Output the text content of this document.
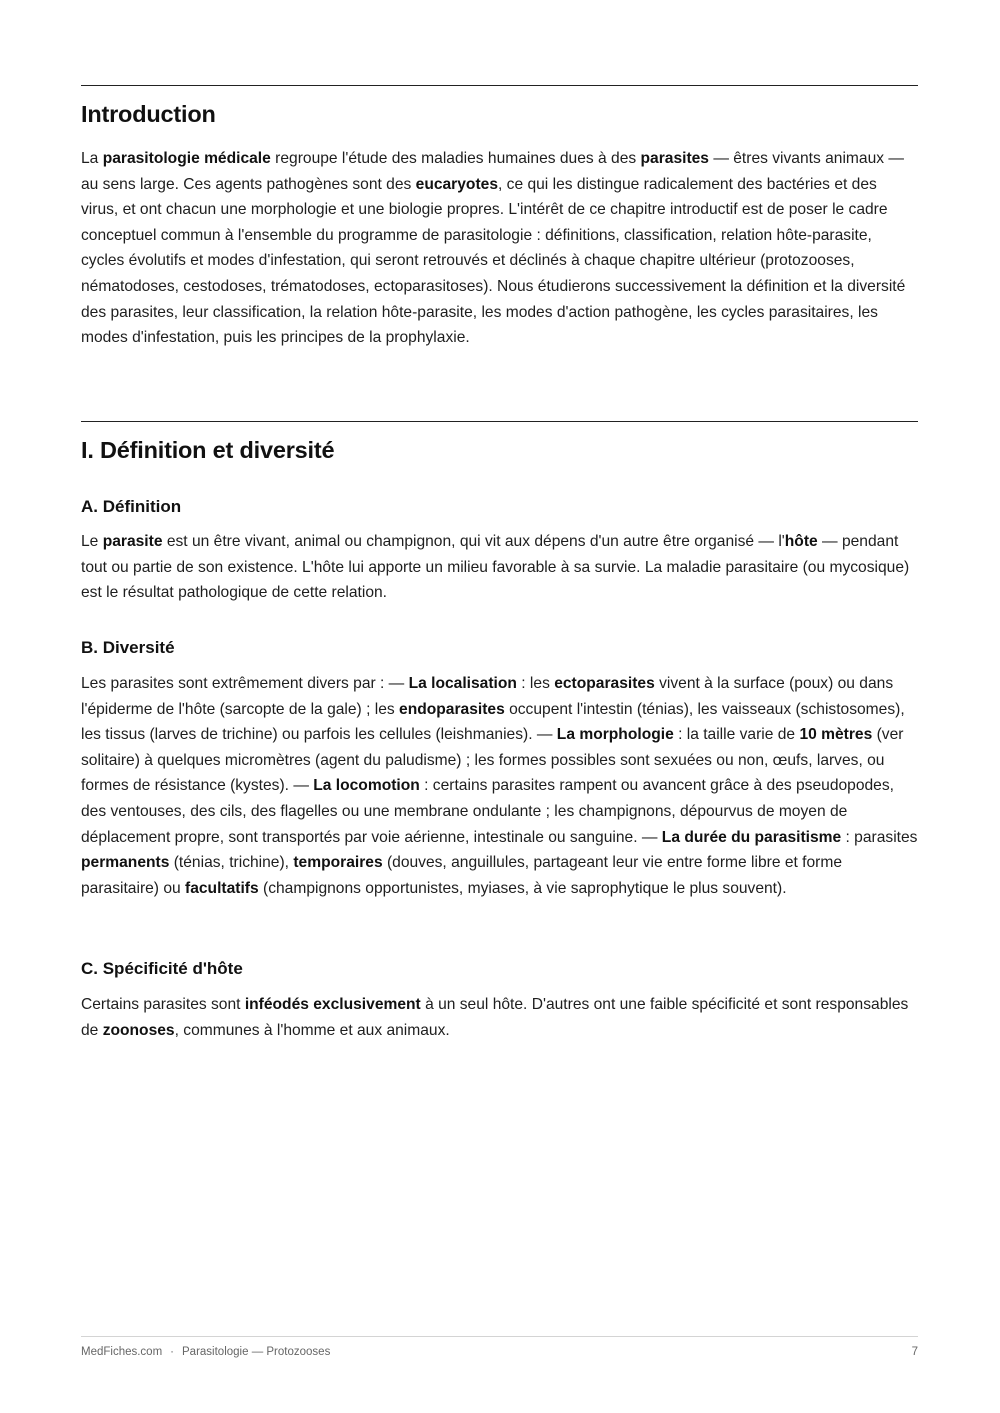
Introduction

La parasitologie médicale regroupe l'étude des maladies humaines dues à des parasites — êtres vivants animaux — au sens large. Ces agents pathogènes sont des eucaryotes, ce qui les distingue radicalement des bactéries et des virus, et ont chacun une morphologie et une biologie propres. L'intérêt de ce chapitre introductif est de poser le cadre conceptuel commun à l'ensemble du programme de parasitologie : définitions, classification, relation hôte-parasite, cycles évolutifs et modes d'infestation, qui seront retrouvés et déclinés à chaque chapitre ultérieur (protozooses, nématodoses, cestodoses, trématodoses, ectoparasitoses). Nous étudierons successivement la définition et la diversité des parasites, leur classification, la relation hôte-parasite, les modes d'action pathogène, les cycles parasitaires, les modes d'infestation, puis les principes de la prophylaxie.

I. Définition et diversité
A. Définition

Le parasite est un être vivant, animal ou champignon, qui vit aux dépens d'un autre être organisé — l'hôte — pendant tout ou partie de son existence. L'hôte lui apporte un milieu favorable à sa survie. La maladie parasitaire (ou mycosique) est le résultat pathologique de cette relation.

B. Diversité

Les parasites sont extrêmement divers par : — La localisation : les ectoparasites vivent à la surface (poux) ou dans l'épiderme de l'hôte (sarcopte de la gale) ; les endoparasites occupent l'intestin (ténias), les vaisseaux (schistosomes), les tissus (larves de trichine) ou parfois les cellules (leishmanies). — La morphologie : la taille varie de 10 mètres (ver solitaire) à quelques micromètres (agent du paludisme) ; les formes possibles sont sexuées ou non, œufs, larves, ou formes de résistance (kystes). — La locomotion : certains parasites rampent ou avancent grâce à des pseudopodes, des ventouses, des cils, des flagelles ou une membrane ondulante ; les champignons, dépourvus de moyen de déplacement propre, sont transportés par voie aérienne, intestinale ou sanguine. — La durée du parasitisme : parasites permanents (ténias, trichine), temporaires (douves, anguillules, partageant leur vie entre forme libre et forme parasitaire) ou facultatifs (champignons opportunistes, myiases, à vie saprophytique le plus souvent).

C. Spécificité d'hôte

Certains parasites sont inféodés exclusivement à un seul hôte. D'autres ont une faible spécificité et sont responsables de zoonoses, communes à l'homme et aux animaux.

MedFiches.com · Parasitologie — Protozooses	7
